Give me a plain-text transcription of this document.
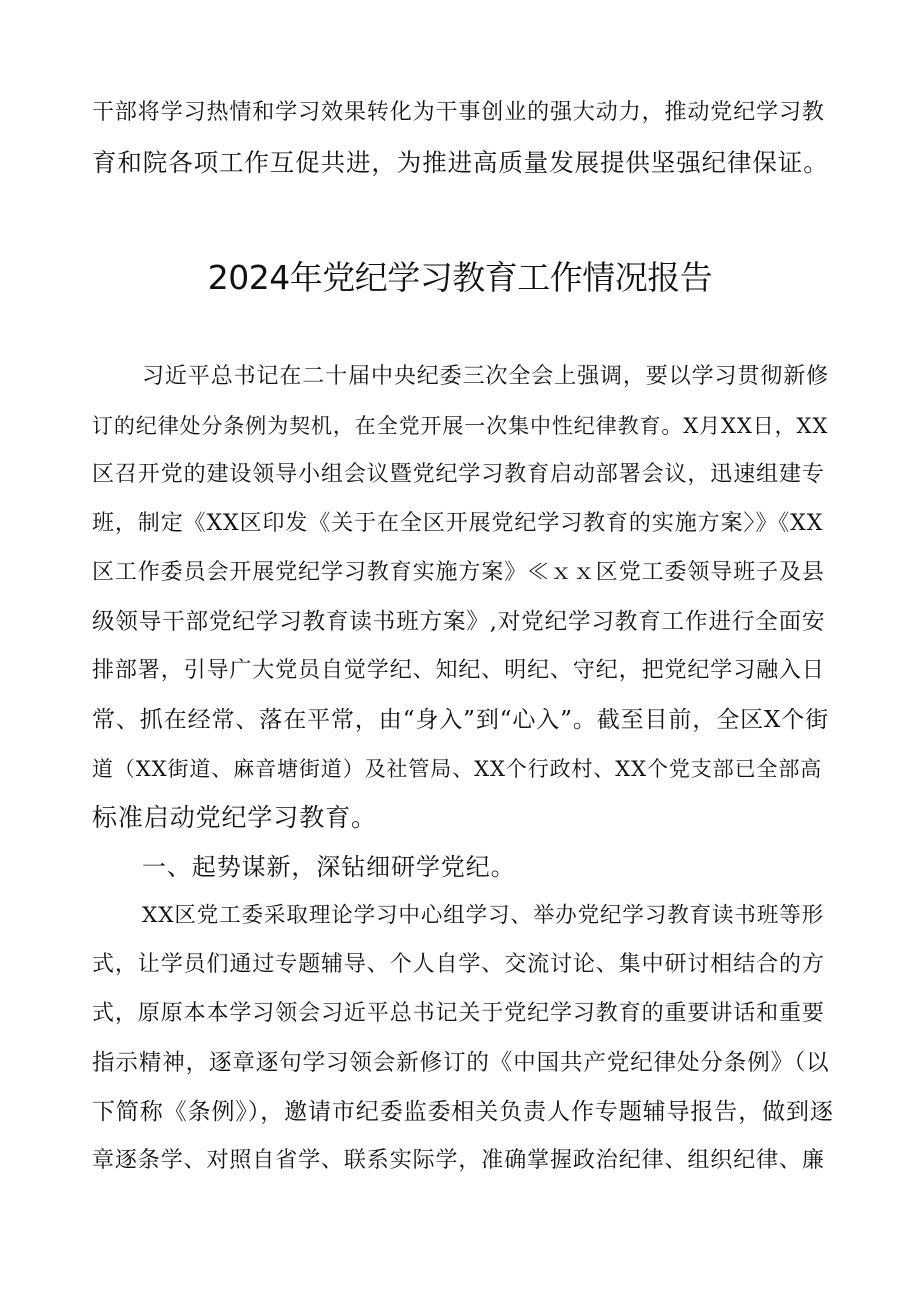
干部将学习热情和学习效果转化为干事创业的强大动力，推动党纪学习教
育和院各项工作互促共进，为推进高质量发展提供坚强纪律保证。
2024年党纪学习教育工作情况报告
习近平总书记在二十届中央纪委三次全会上强调，要以学习贯彻新修
订的纪律处分条例为契机，在全党开展一次集中性纪律教育。X月XX日，XX
区召开党的建设领导小组会议暨党纪学习教育启动部署会议，迅速组建专
班，制定《XX区印发《关于在全区开展党纪学习教育的实施方案〉》《XX
区工作委员会开展党纪学习教育实施方案》≪ｘｘ区党工委领导班子及县
级领导干部党纪学习教育读书班方案》,对党纪学习教育工作进行全面安
排部署，引导广大党员自觉学纪、知纪、明纪、守纪，把党纪学习融入日
常、抓在经常、落在平常，由“身入”到“心入”。截至目前，全区X个街
道（XX街道、麻音塘街道）及社管局、XX个行政村、XX个党支部已全部高
标准启动党纪学习教育。
一、起势谋新，深钻细研学党纪。
XX区党工委采取理论学习中心组学习、举办党纪学习教育读书班等形
式，让学员们通过专题辅导、个人自学、交流讨论、集中研讨相结合的方
式，原原本本学习领会习近平总书记关于党纪学习教育的重要讲话和重要
指示精神，逐章逐句学习领会新修订的《中国共产党纪律处分条例》（以
下简称《条例》），邀请市纪委监委相关负责人作专题辅导报告，做到逐
章逐条学、对照自省学、联系实际学，准确掌握政治纪律、组织纪律、廉
